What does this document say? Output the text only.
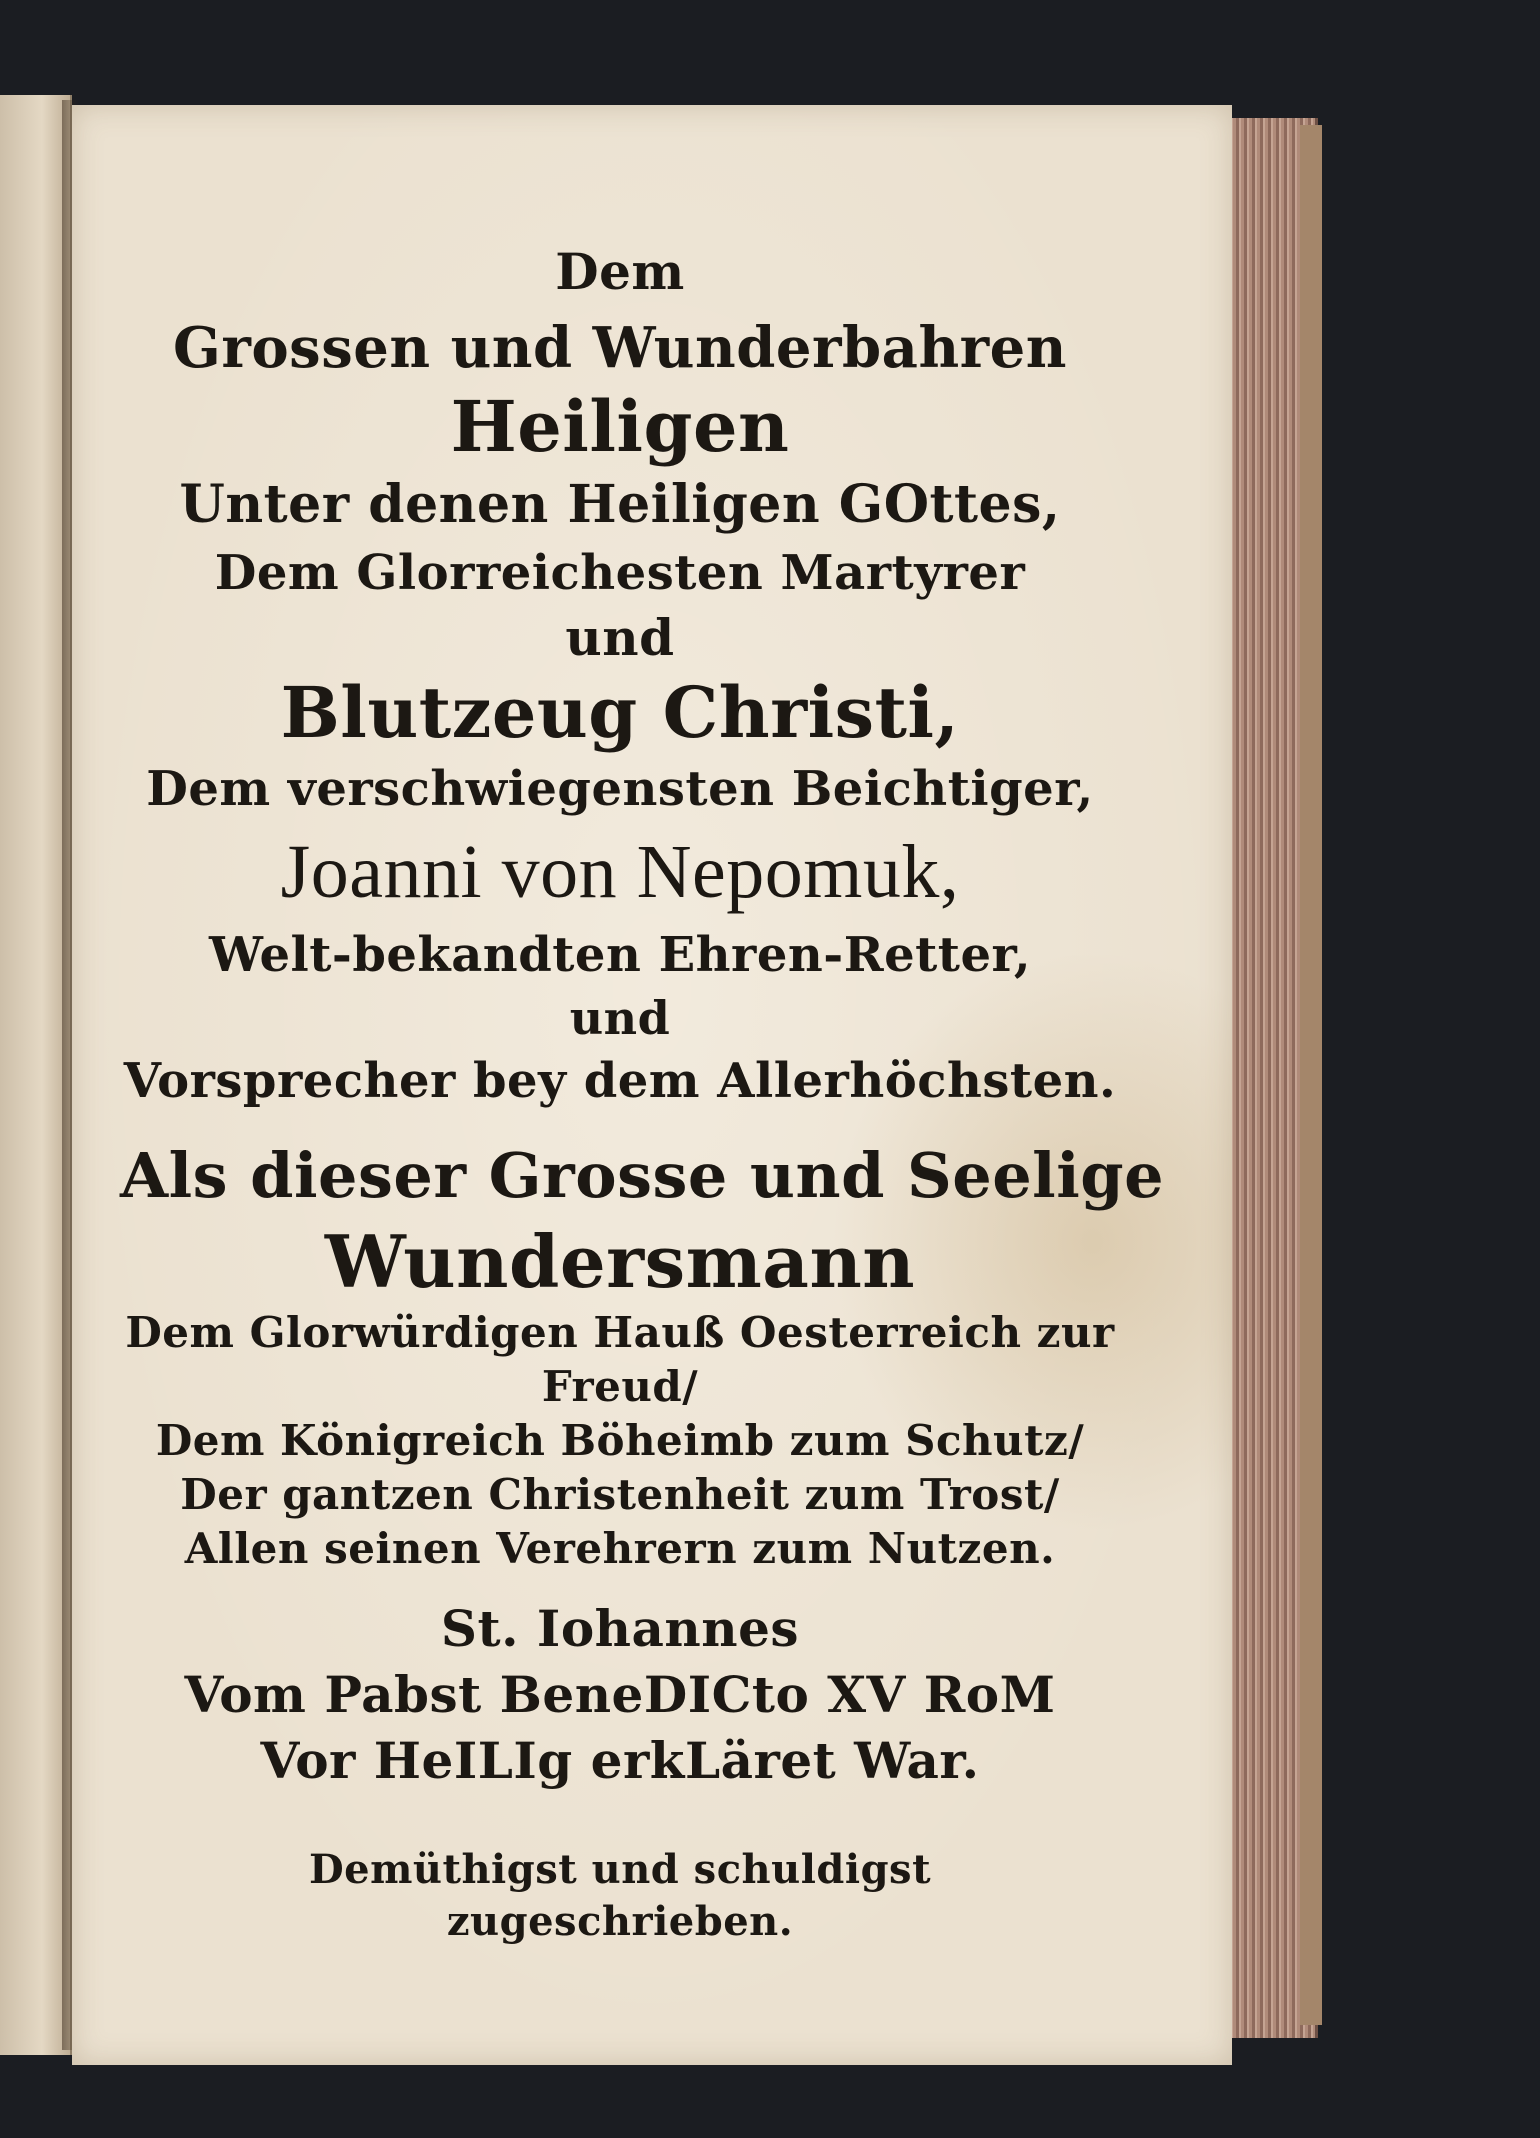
Dem
Grossen und Wunderbahren
Heiligen
Unter denen Heiligen GOttes,
Dem Glorreichesten Martyrer
und
Blutzeug Christi,
Dem verschwiegensten Beichtiger,
Joanni von Nepomuk,
Welt-bekandten Ehren-Retter,
und
Vorsprecher bey dem Allerhöchsten.
Als dieser Grosse und Seelige
Wundersmann
Dem Glorwürdigen Hauß Oesterreich zur
Freud/
Dem Königreich Böheimb zum Schutz/
Der gantzen Christenheit zum Trost/
Allen seinen Verehrern zum Nutzen.
St. Iohannes
Vom Pabst BeneDICto XV RoM
Vor HeILIg erkLäret War.
Demüthigst und schuldigst
zugeschrieben.
